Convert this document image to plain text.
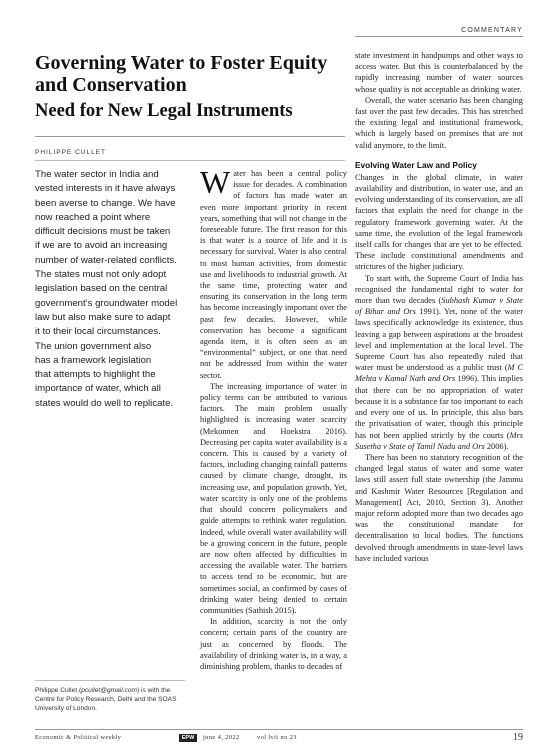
COMMENTARY
Governing Water to Foster Equity and Conservation
Need for New Legal Instruments
PHILIPPE CULLET
The water sector in India and
vested interests in it have always
been averse to change. We have
now reached a point where
difficult decisions must be taken
if we are to avoid an increasing
number of water-related conflicts.
The states must not only adopt
legislation based on the central
government’s groundwater model
law but also make sure to adapt
it to their local circumstances.
The union government also
has a framework legislation
that attempts to highlight the
importance of water, which all
states would do well to replicate.

Water has been a central policy issue for decades. A combination of factors has made water an even more important priority in recent years, something that will not change in the foreseeable future. The first reason for this is that water is a source of life and it is necessary for survival. Water is also central to most human activities, from domestic use and livelihoods to industrial growth. At the same time, protecting water and ensuring its conservation in the long term has become increasingly important over the past few decades. However, while conservation has become a significant agenda item, it is often seen as an “environmental” subject, or one that need not be addressed from within the water sector.

The increasing importance of water in policy terms can be attributed to various factors. The main problem usually highlighted is increasing water scarcity (Mekonnen and Hoekstra 2016). Decreasing per capita water availability is a concern. This is caused by a variety of factors, including changing rainfall patterns caused by climate change, drought, its increasing use, and population growth. Yet, water scarcity is only one of the problems that should concern policymakers and guide attempts to rethink water regulation. Indeed, while overall water availability will be a growing concern in the future, people are now often affected by difficulties in accessing the available water. The barriers to access tend to be economic, but are sometimes social, as confirmed by cases of drinking water being denied to certain communities (Sathish 2015).

In addition, scarcity is not the only concern; certain parts of the country are just as concerned by floods. The availability of drinking water is, in a way, a diminishing problem, thanks to decades of

state investment in handpumps and other ways to access water. But this is counterbalanced by the rapidly increasing number of water sources whose quality is not acceptable as drinking water.

Overall, the water scenario has been changing fast over the past few decades. This has stretched the existing legal and institutional framework, which is largely based on premises that are not valid anymore, to the limit.

Evolving Water Law and Policy

Changes in the global climate, in water availability and distribution, in water use, and an evolving understanding of its conservation, are all factors that explain the need for change in the regulatory framework governing water. At the same time, the evolution of the legal framework itself calls for changes that are yet to be effected. These include constitutional amendments and strictures of the higher judiciary.

To start with, the Supreme Court of India has recognised the fundamental right to water for more than two decades (Subhash Kumar v State of Bihar and Ors 1991). Yet, none of the water laws specifically acknowledge its existence, thus leaving a gap between aspirations at the broadest level and implementation at the local level. The Supreme Court has also repeatedly ruled that water must be understood as a public trust (M C Mehta v Kamal Nath and Ors 1996). This implies that there can be no appropriation of water because it is a substance far too important to each and every one of us. In principle, this also bars the privatisation of water, though this principle has not been applied strictly by the courts (Mrs Susetha v State of Tamil Nadu and Ors 2006).

There has been no statutory recognition of the changed legal status of water and some water laws still assert full state ownership (the Jammu and Kashmir Water Resources [Regulation and Management] Act, 2010, Section 3). Another major reform adopted more than two decades ago was the constitutional mandate for decentralisation to local bodies. The functions devolved through amendments in state-level laws have included various

Philippe Cullet (pcullet@gmail.com) is with the Centre for Policy Research, Delhi and the SOAS University of London.
Economic & Political weekly	EPW	june 4, 2022	vol lvii no 23	19
